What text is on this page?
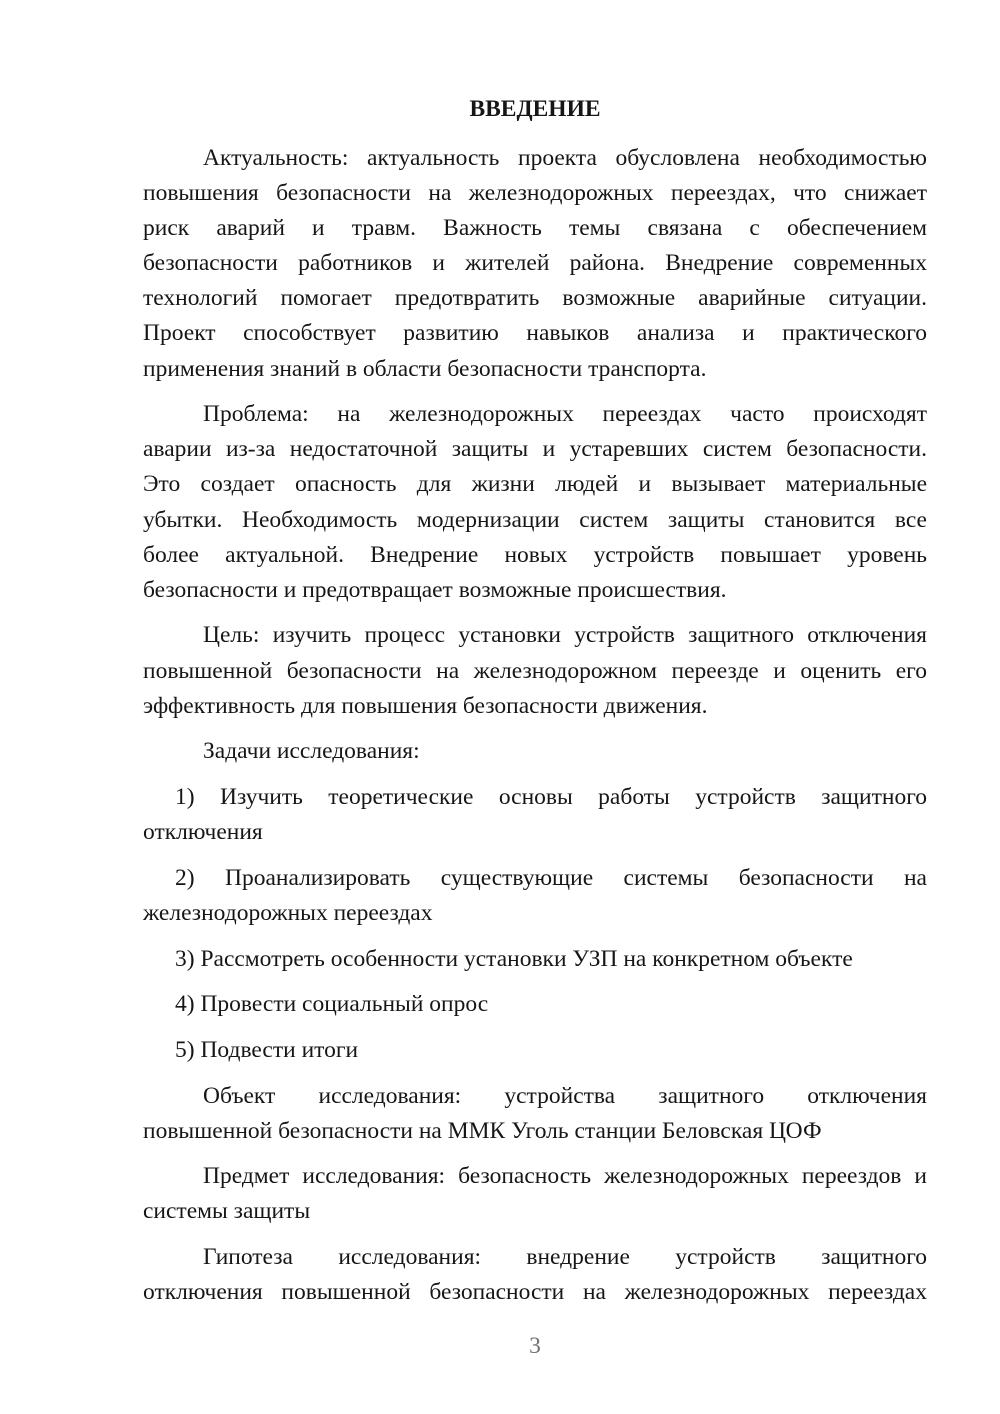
ВВЕДЕНИЕ
Актуальность: актуальность проекта обусловлена необходимостью
повышения безопасности на железнодорожных переездах, что снижает
риск аварий и травм. Важность темы связана с обеспечением
безопасности работников и жителей района. Внедрение современных
технологий помогает предотвратить возможные аварийные ситуации.
Проект способствует развитию навыков анализа и практического
применения знаний в области безопасности транспорта.
Проблема: на железнодорожных переездах часто происходят
аварии из-за недостаточной защиты и устаревших систем безопасности.
Это создает опасность для жизни людей и вызывает материальные
убытки. Необходимость модернизации систем защиты становится все
более актуальной. Внедрение новых устройств повышает уровень
безопасности и предотвращает возможные происшествия.
Цель: изучить процесс установки устройств защитного отключения
повышенной безопасности на железнодорожном переезде и оценить его
эффективность для повышения безопасности движения.
Задачи исследования:
1) Изучить теоретические основы работы устройств защитного
отключения
2) Проанализировать существующие системы безопасности на
железнодорожных переездах
3) Рассмотреть особенности установки УЗП на конкретном объекте
4) Провести социальный опрос
5) Подвести итоги
Объект исследования: устройства защитного отключения
повышенной безопасности на ММК Уголь станции Беловская ЦОФ
Предмет исследования: безопасность железнодорожных переездов и
системы защиты
Гипотеза исследования: внедрение устройств защитного
отключения повышенной безопасности на железнодорожных переездах
3
